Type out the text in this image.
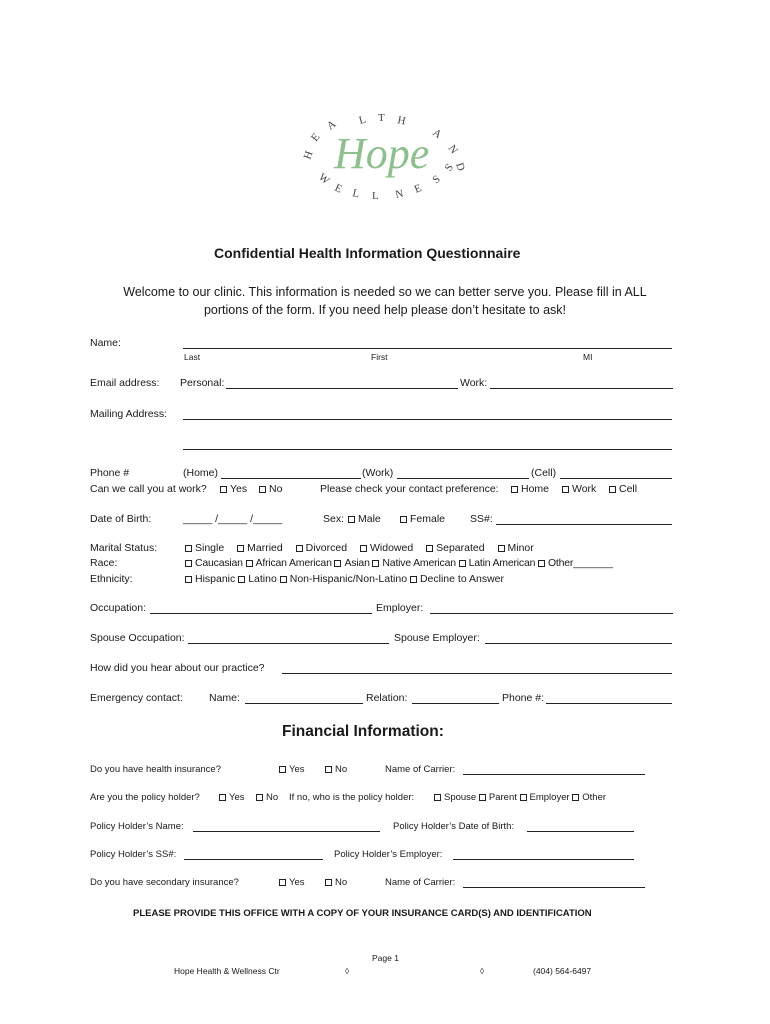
H
E
A L T H
A
N
D
W
E L L N E
S
S
Hope
Confidential Health Information Questionnaire
Welcome to our clinic. This information is needed so we can better serve you. Please fill in ALL
portions of the form. If you need help please don’t hesitate to ask!
Name:
Last	First	MI
Email address: Personal:	Work:
Mailing Address:
Phone #	(Home)	(Work)	(Cell)
Can we call you at work?	Yes	No	Please check your contact preference:	Home	Work	Cell
Date of Birth:	_____ /_____ /_____	Sex:	Male	Female SS#:
Marital Status:	Single Married Divorced Widowed Separated Minor
Race:	Caucasian African American Asian Native American Latin American Other_______
Ethnicity:	Hispanic Latino Non-Hispanic/Non-Latino Decline to Answer
Occupation:	Employer:
Spouse Occupation:	Spouse Employer:
How did you hear about our practice?
Emergency contact: Name:	Relation:	Phone #:
Financial Information:
Do you have health insurance?	Yes	No	Name of Carrier:
Are you the policy holder?	Yes	No If no, who is the policy holder:	Spouse Parent Employer Other
Policy Holder’s Name:	Policy Holder’s Date of Birth:
Policy Holder’s SS#:	Policy Holder’s Employer:
Do you have secondary insurance?	Yes	No	Name of Carrier:
PLEASE PROVIDE THIS OFFICE WITH A COPY OF YOUR INSURANCE CARD(S) AND IDENTIFICATION
Page 1
Hope Health & Wellness Ctr	◊	◊	(404) 564-6497
